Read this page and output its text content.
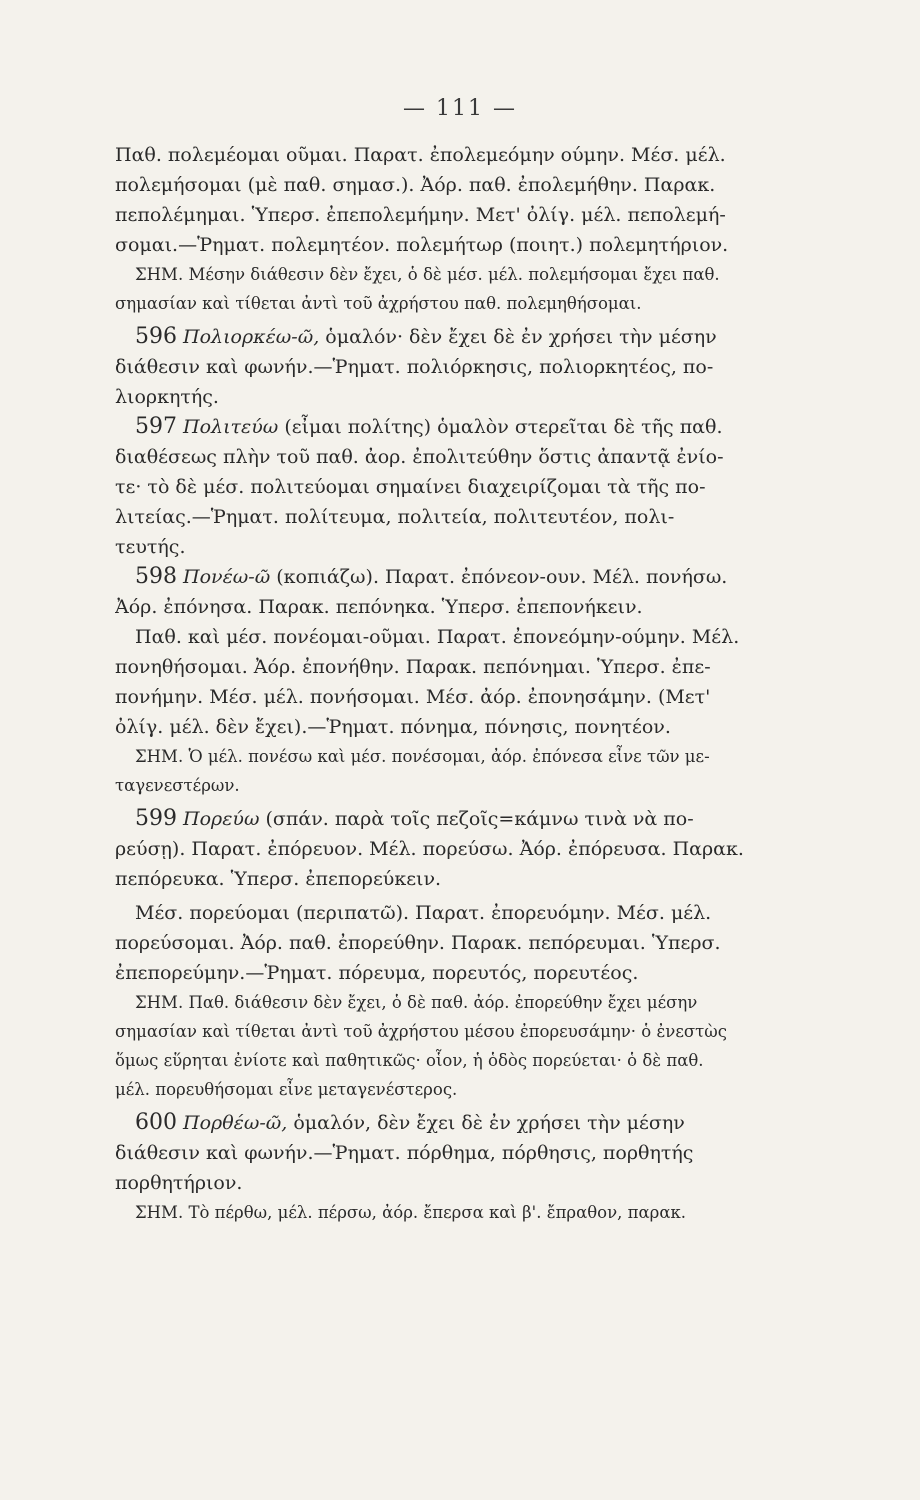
— 111 —
Παθ. πολεμέομαι οῦμαι. Παρατ. ἐπολεμεόμην ούμην. Μέσ. μέλ.
πολεμήσομαι (μὲ παθ. σημασ.). Ἀόρ. παθ. ἐπολεμήθην. Παρακ.
πεπολέμημαι. Ὑπερσ. ἐπεπολεμήμην. Μετ' ὀλίγ. μέλ. πεπολεμή-
σομαι.—Ῥηματ. πολεμητέον. πολεμήτωρ (ποιητ.) πολεμητήριον.
ΣΗΜ. Μέσην διάθεσιν δὲν ἔχει, ὁ δὲ μέσ. μέλ. πολεμήσομαι ἔχει παθ.
σημασίαν καὶ τίθεται ἀντὶ τοῦ ἀχρήστου παθ. πολεμηθήσομαι.
596 Πολιορκέω-ῶ, ὁμαλόν· δὲν ἔχει δὲ ἐν χρήσει τὴν μέσην
διάθεσιν καὶ φωνήν.—Ῥηματ. πολιόρκησις, πολιορκητέος, πο-
λιορκητής.
597 Πολιτεύω (εἶμαι πολίτης) ὁμαλὸν στερεῖται δὲ τῆς παθ.
διαθέσεως πλὴν τοῦ παθ. ἀορ. ἐπολιτεύθην ὅστις ἀπαντᾷ ἐνίο-
τε· τὸ δὲ μέσ. πολιτεύομαι σημαίνει διαχειρίζομαι τὰ τῆς πο-
λιτείας.—Ῥηματ. πολίτευμα, πολιτεία, πολιτευτέον, πολι-
τευτής.
598 Πονέω-ῶ (κοπιάζω). Παρατ. ἐπόνεον-ουν. Μέλ. πονήσω.
Ἀόρ. ἐπόνησα. Παρακ. πεπόνηκα. Ὑπερσ. ἐπεπονήκειν.
Παθ. καὶ μέσ. πονέομαι-οῦμαι. Παρατ. ἐπονεόμην-ούμην. Μέλ.
πονηθήσομαι. Ἀόρ. ἐπονήθην. Παρακ. πεπόνημαι. Ὑπερσ. ἐπε-
πονήμην. Μέσ. μέλ. πονήσομαι. Μέσ. ἀόρ. ἐπονησάμην. (Μετ'
ὀλίγ. μέλ. δὲν ἔχει).—Ῥηματ. πόνημα, πόνησις, πονητέον.
ΣΗΜ. Ὁ μέλ. πονέσω καὶ μέσ. πονέσομαι, ἀόρ. ἐπόνεσα εἶνε τῶν με-
ταγενεστέρων.
599 Πορεύω (σπάν. παρὰ τοῖς πεζοῖς=κάμνω τινὰ νὰ πο-
ρεύσῃ). Παρατ. ἐπόρευον. Μέλ. πορεύσω. Ἀόρ. ἐπόρευσα. Παρακ.
πεπόρευκα. Ὑπερσ. ἐπεπορεύκειν.
Μέσ. πορεύομαι (περιπατῶ). Παρατ. ἐπορευόμην. Μέσ. μέλ.
πορεύσομαι. Ἀόρ. παθ. ἐπορεύθην. Παρακ. πεπόρευμαι. Ὑπερσ.
ἐπεπορεύμην.—Ῥηματ. πόρευμα, πορευτός, πορευτέος.
ΣΗΜ. Παθ. διάθεσιν δὲν ἔχει, ὁ δὲ παθ. ἀόρ. ἐπορεύθην ἔχει μέσην
σημασίαν καὶ τίθεται ἀντὶ τοῦ ἀχρήστου μέσου ἐπορευσάμην· ὁ ἐνεστὼς
ὅμως εὕρηται ἐνίοτε καὶ παθητικῶς· οἷον, ἡ ὁδὸς πορεύεται· ὁ δὲ παθ.
μέλ. πορευθήσομαι εἶνε μεταγενέστερος.
600 Πορθέω-ῶ, ὁμαλόν, δὲν ἔχει δὲ ἐν χρήσει τὴν μέσην
διάθεσιν καὶ φωνήν.—Ῥηματ. πόρθημα, πόρθησις, πορθητής
πορθητήριον.
ΣΗΜ. Τὸ πέρθω, μέλ. πέρσω, ἀόρ. ἔπερσα καὶ β'. ἔπραθον, παρακ.
